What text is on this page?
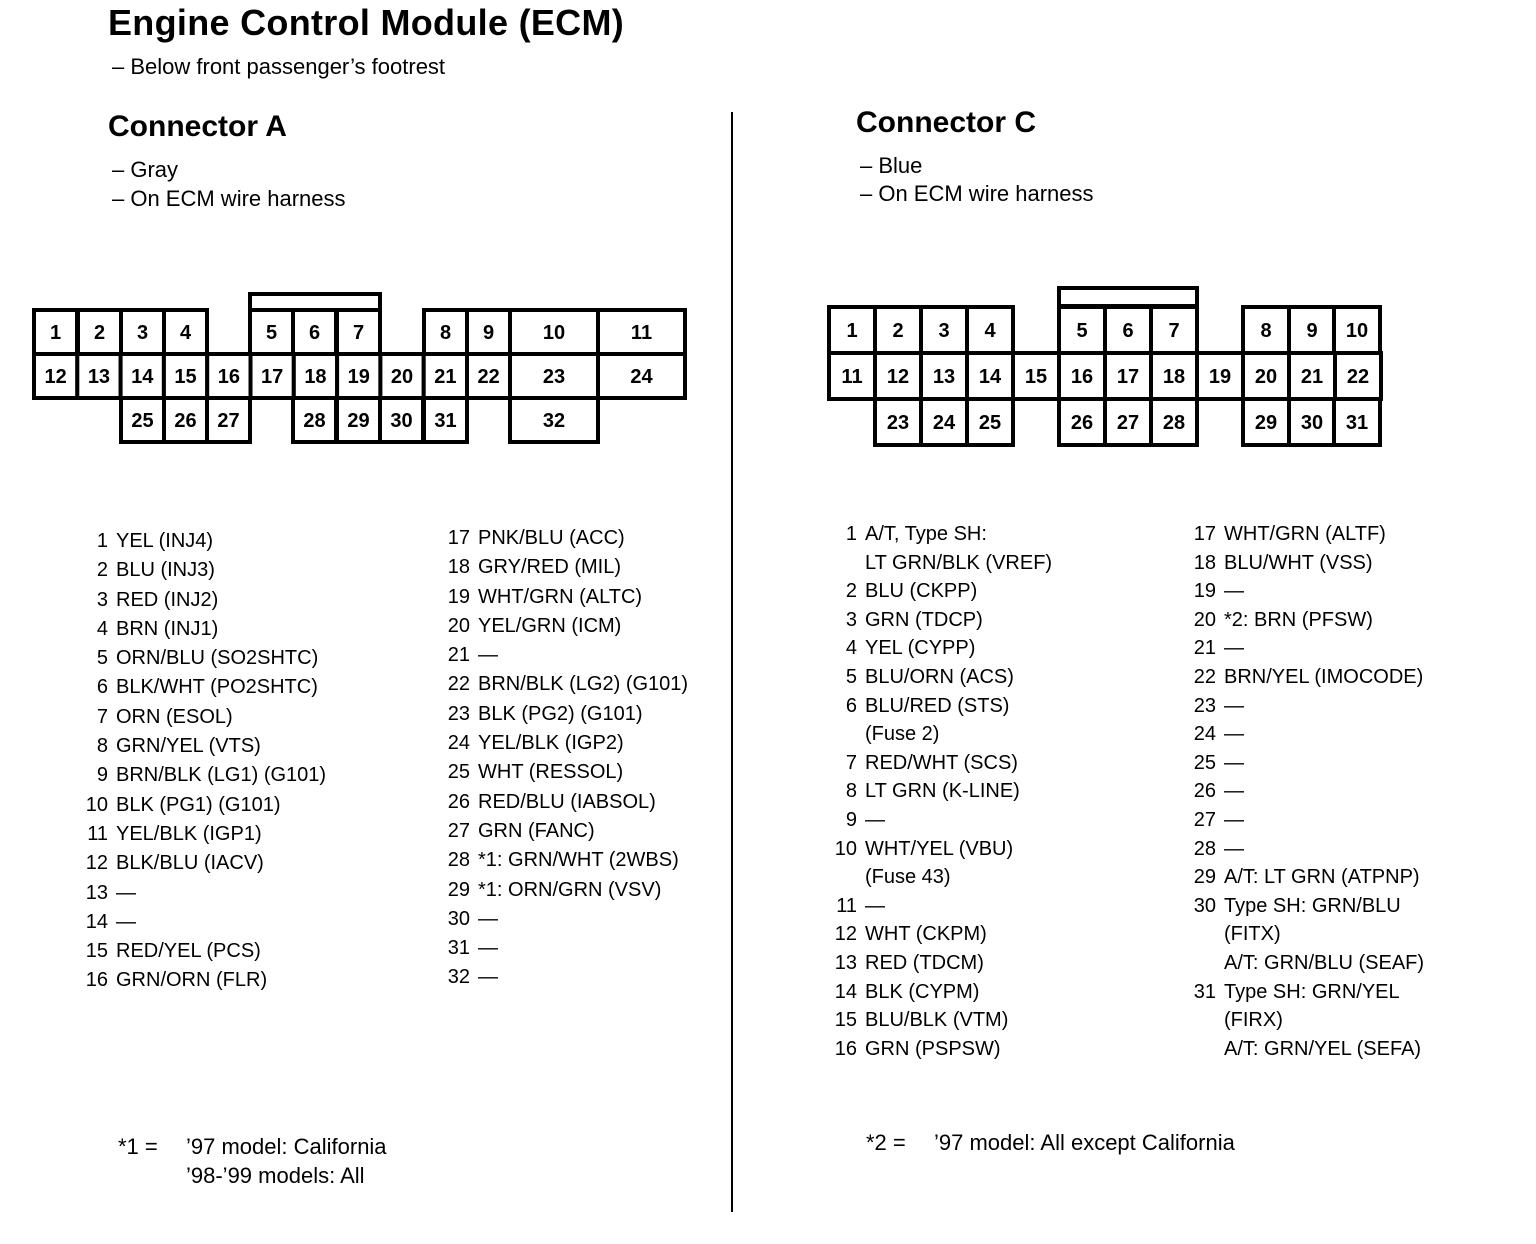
Engine Control Module (ECM)
– Below front passenger’s footrest
Connector A
– Gray
– On ECM wire harness
Connector C
– Blue
– On ECM wire harness
1 2 3 4	5 6 7	8 9 10	11
12 13 14 15 16 17 18 19 20 21 22 23	24
25 26 27	28 29 30 31	32
1 2 3 4	5 6 7	8 9 10
11 12 13 14 15 16 17 18 19 20 21 22
23 24 25	26 27 28	29 30 31
1 YEL (INJ4)
2 BLU (INJ3)
3 RED (INJ2)
4 BRN (INJ1)
5 ORN/BLU (SO2SHTC)
6 BLK/WHT (PO2SHTC)
7 ORN (ESOL)
8 GRN/YEL (VTS)
9 BRN/BLK (LG1) (G101)
10 BLK (PG1) (G101)
11 YEL/BLK (IGP1)
12 BLK/BLU (IACV)
13 —
14 —
15 RED/YEL (PCS)
16 GRN/ORN (FLR)
17 PNK/BLU (ACC)
18 GRY/RED (MIL)
19 WHT/GRN (ALTC)
20 YEL/GRN (ICM)
21 —
22 BRN/BLK (LG2) (G101)
23 BLK (PG2) (G101)
24 YEL/BLK (IGP2)
25 WHT (RESSOL)
26 RED/BLU (IABSOL)
27 GRN (FANC)
28 *1: GRN/WHT (2WBS)
29 *1: ORN/GRN (VSV)
30 —
31 —
32 —
1 A/T, Type SH:
LT GRN/BLK (VREF)
2 BLU (CKPP)
3 GRN (TDCP)
4 YEL (CYPP)
5 BLU/ORN (ACS)
6 BLU/RED (STS)
(Fuse 2)
7 RED/WHT (SCS)
8 LT GRN (K-LINE)
9 —
10 WHT/YEL (VBU)
(Fuse 43)
11 —
12 WHT (CKPM)
13 RED (TDCM)
14 BLK (CYPM)
15 BLU/BLK (VTM)
16 GRN (PSPSW)
17 WHT/GRN (ALTF)
18 BLU/WHT (VSS)
19 —
20 *2: BRN (PFSW)
21 —
22 BRN/YEL (IMOCODE)
23 —
24 —
25 —
26 —
27 —
28 —
29 A/T: LT GRN (ATPNP)
30 Type SH: GRN/BLU
(FITX)
A/T: GRN/BLU (SEAF)
31 Type SH: GRN/YEL
(FIRX)
A/T: GRN/YEL (SEFA)
*1 =	’97 model: California
’98-’99 models: All
*2 =	’97 model: All except California
